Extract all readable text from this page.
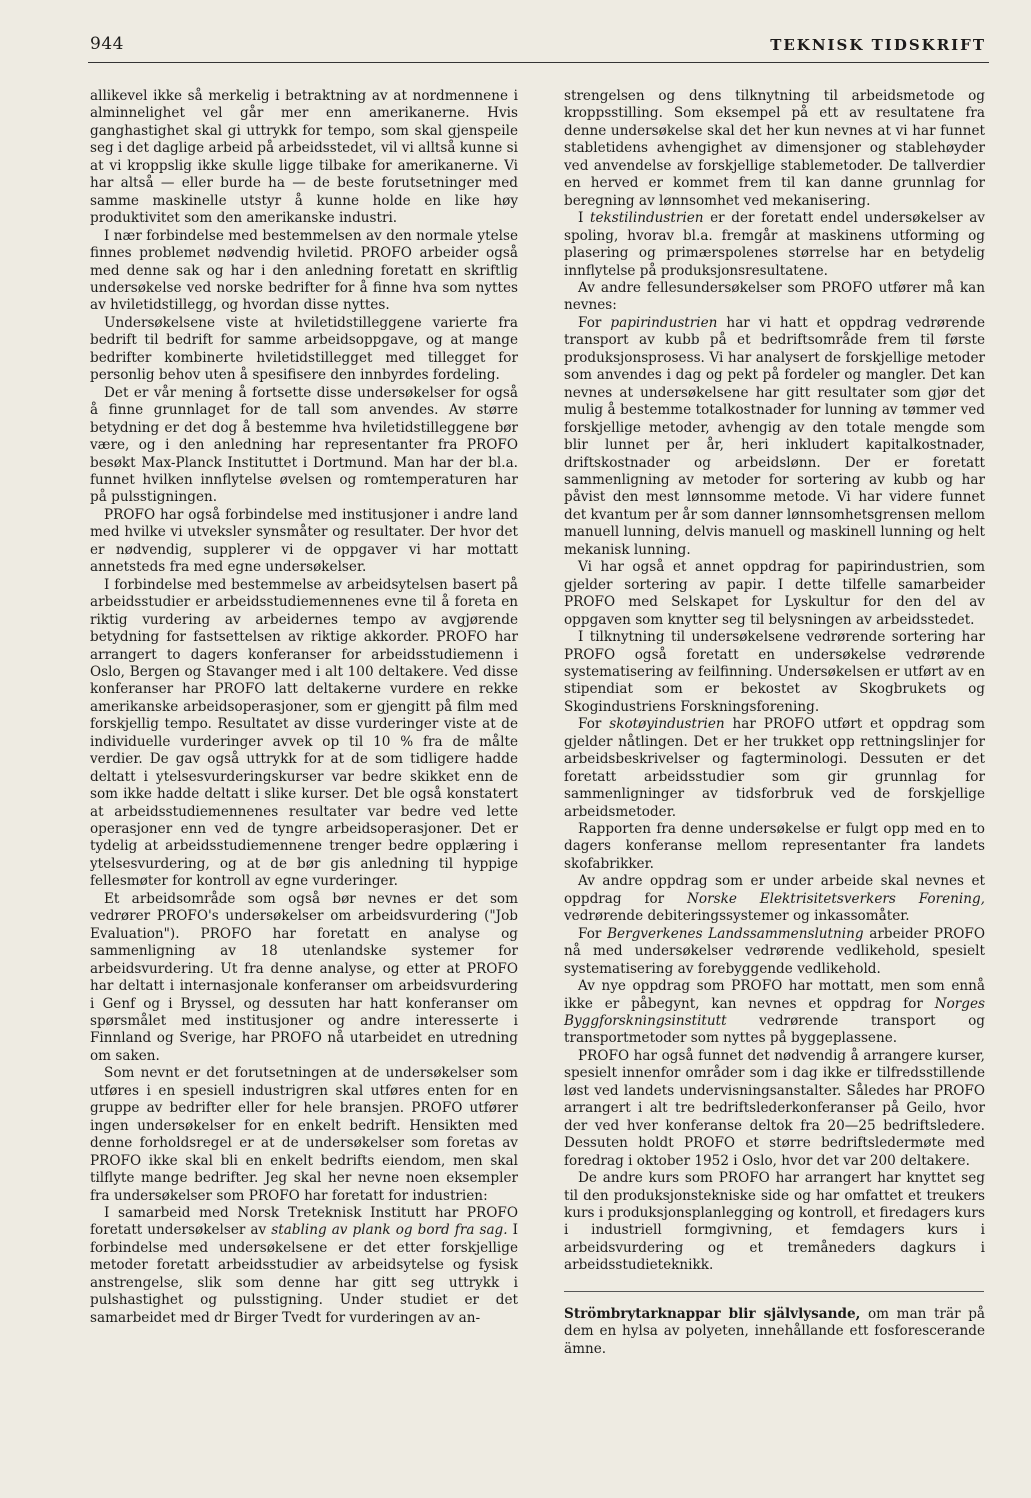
944	TEKNISK TIDSKRIFT

allikevel ikke så merkelig i betraktning av at nordmennene i alminnelighet vel går mer enn amerikanerne. Hvis ganghastighet skal gi uttrykk for tempo, som skal gjenspeile seg i det daglige arbeid på arbeidsstedet, vil vi alltså kunne si at vi kroppslig ikke skulle ligge tilbake for amerikanerne. Vi har altså — eller burde ha — de beste forutsetninger med samme maskinelle utstyr å kunne holde en like høy produktivitet som den amerikanske industri.

I nær forbindelse med bestemmelsen av den normale ytelse finnes problemet nødvendig hviletid. PROFO arbeider også med denne sak og har i den anledning foretatt en skriftlig undersøkelse ved norske bedrifter for å finne hva som nyttes av hviletidstillegg, og hvordan disse nyttes.

Undersøkelsene viste at hviletidstilleggene varierte fra bedrift til bedrift for samme arbeidsoppgave, og at mange bedrifter kombinerte hviletidstillegget med tillegget for personlig behov uten å spesifisere den innbyrdes fordeling.

Det er vår mening å fortsette disse undersøkelser for også å finne grunnlaget for de tall som anvendes. Av større betydning er det dog å bestemme hva hviletidstilleggene bør være, og i den anledning har representanter fra PROFO besøkt Max-Planck Instituttet i Dortmund. Man har der bl.a. funnet hvilken innflytelse øvelsen og romtemperaturen har på pulsstigningen.

PROFO har også forbindelse med institusjoner i andre land med hvilke vi utveksler synsmåter og resultater. Der hvor det er nødvendig, supplerer vi de oppgaver vi har mottatt annetsteds fra med egne undersøkelser.

I forbindelse med bestemmelse av arbeidsytelsen basert på arbeidsstudier er arbeidsstudiemennenes evne til å foreta en riktig vurdering av arbeidernes tempo av avgjørende betydning for fastsettelsen av riktige akkorder. PROFO har arrangert to dagers konferanser for arbeidsstudiemenn i Oslo, Bergen og Stavanger med i alt 100 deltakere. Ved disse konferanser har PROFO latt deltakerne vurdere en rekke amerikanske arbeidsoperasjoner, som er gjengitt på film med forskjellig tempo. Resultatet av disse vurderinger viste at de individuelle vurderinger avvek op til 10 % fra de målte verdier. De gav også uttrykk for at de som tidligere hadde deltatt i ytelsesvurderingskurser var bedre skikket enn de som ikke hadde deltatt i slike kurser. Det ble også konstatert at arbeidsstudiemennenes resultater var bedre ved lette operasjoner enn ved de tyngre arbeidsoperasjoner. Det er tydelig at arbeidsstudiemennene trenger bedre opplæring i ytelsesvurdering, og at de bør gis anledning til hyppige fellesmøter for kontroll av egne vurderinger.

Et arbeidsområde som også bør nevnes er det som vedrører PROFO's undersøkelser om arbeidsvurdering ("Job Evaluation"). PROFO har foretatt en analyse og sammenligning av 18 utenlandske systemer for arbeidsvurdering. Ut fra denne analyse, og etter at PROFO har deltatt i internasjonale konferanser om arbeidsvurdering i Genf og i Bryssel, og dessuten har hatt konferanser om spørsmålet med institusjoner og andre interesserte i Finnland og Sverige, har PROFO nå utarbeidet en utredning om saken.

Som nevnt er det forutsetningen at de undersøkelser som utføres i en spesiell industrigren skal utføres enten for en gruppe av bedrifter eller for hele bransjen. PROFO utfører ingen undersøkelser for en enkelt bedrift. Hensikten med denne forholdsregel er at de undersøkelser som foretas av PROFO ikke skal bli en enkelt bedrifts eiendom, men skal tilflyte mange bedrifter. Jeg skal her nevne noen eksempler fra undersøkelser som PROFO har foretatt for industrien:

I samarbeid med Norsk Treteknisk Institutt har PROFO foretatt undersøkelser av stabling av plank og bord fra sag. I forbindelse med undersøkelsene er det etter forskjellige metoder foretatt arbeidsstudier av arbeidsytelse og fysisk anstrengelse, slik som denne har gitt seg uttrykk i pulshastighet og pulsstigning. Under studiet er det samarbeidet med dr Birger Tvedt for vurderingen av an-

strengelsen og dens tilknytning til arbeidsmetode og kroppsstilling. Som eksempel på ett av resultatene fra denne undersøkelse skal det her kun nevnes at vi har funnet stabletidens avhengighet av dimensjoner og stablehøyder ved anvendelse av forskjellige stablemetoder. De tallverdier en herved er kommet frem til kan danne grunnlag for beregning av lønnsomhet ved mekanisering.

I tekstilindustrien er der foretatt endel undersøkelser av spoling, hvorav bl.a. fremgår at maskinens utforming og plasering og primærspolenes størrelse har en betydelig innflytelse på produksjonsresultatene.

Av andre fellesundersøkelser som PROFO utfører må kan nevnes:

For papirindustrien har vi hatt et oppdrag vedrørende transport av kubb på et bedriftsområde frem til første produksjonsprosess. Vi har analysert de forskjellige metoder som anvendes i dag og pekt på fordeler og mangler. Det kan nevnes at undersøkelsene har gitt resultater som gjør det mulig å bestemme totalkostnader for lunning av tømmer ved forskjellige metoder, avhengig av den totale mengde som blir lunnet per år, heri inkludert kapitalkostnader, driftskostnader og arbeidslønn. Der er foretatt sammenligning av metoder for sortering av kubb og har påvist den mest lønnsomme metode. Vi har videre funnet det kvantum per år som danner lønnsomhetsgrensen mellom manuell lunning, delvis manuell og maskinell lunning og helt mekanisk lunning.

Vi har også et annet oppdrag for papirindustrien, som gjelder sortering av papir. I dette tilfelle samarbeider PROFO med Selskapet for Lyskultur for den del av oppgaven som knytter seg til belysningen av arbeidsstedet.

I tilknytning til undersøkelsene vedrørende sortering har PROFO også foretatt en undersøkelse vedrørende systematisering av feilfinning. Undersøkelsen er utført av en stipendiat som er bekostet av Skogbrukets og Skogindustriens Forskningsforening.

For skotøyindustrien har PROFO utført et oppdrag som gjelder nåtlingen. Det er her trukket opp rettningslinjer for arbeidsbeskrivelser og fagterminologi. Dessuten er det foretatt arbeidsstudier som gir grunnlag for sammenligninger av tidsforbruk ved de forskjellige arbeidsmetoder.

Rapporten fra denne undersøkelse er fulgt opp med en to dagers konferanse mellom representanter fra landets skofabrikker.

Av andre oppdrag som er under arbeide skal nevnes et oppdrag for Norske Elektrisitetsverkers Forening, vedrørende debiteringssystemer og inkassomåter.

For Bergverkenes Landssammenslutning arbeider PROFO nå med undersøkelser vedrørende vedlikehold, spesielt systematisering av forebyggende vedlikehold.

Av nye oppdrag som PROFO har mottatt, men som ennå ikke er påbegynt, kan nevnes et oppdrag for Norges Byggforskningsinstitutt vedrørende transport og transportmetoder som nyttes på byggeplassene.

PROFO har også funnet det nødvendig å arrangere kurser, spesielt innenfor områder som i dag ikke er tilfredsstillende løst ved landets undervisningsanstalter. Således har PROFO arrangert i alt tre bedriftslederkonferanser på Geilo, hvor der ved hver konferanse deltok fra 20—25 bedriftsledere. Dessuten holdt PROFO et større bedriftsledermøte med foredrag i oktober 1952 i Oslo, hvor det var 200 deltakere.

De andre kurs som PROFO har arrangert har knyttet seg til den produksjonstekniske side og har omfattet et treukers kurs i produksjonsplanlegging og kontroll, et firedagers kurs i industriell formgivning, et femdagers kurs i arbeidsvurdering og et tremåneders dagkurs i arbeidsstudieteknikk.

Strömbrytarknappar blir självlysande, om man trär på dem en hylsa av polyeten, innehållande ett fosforescerande ämne.
